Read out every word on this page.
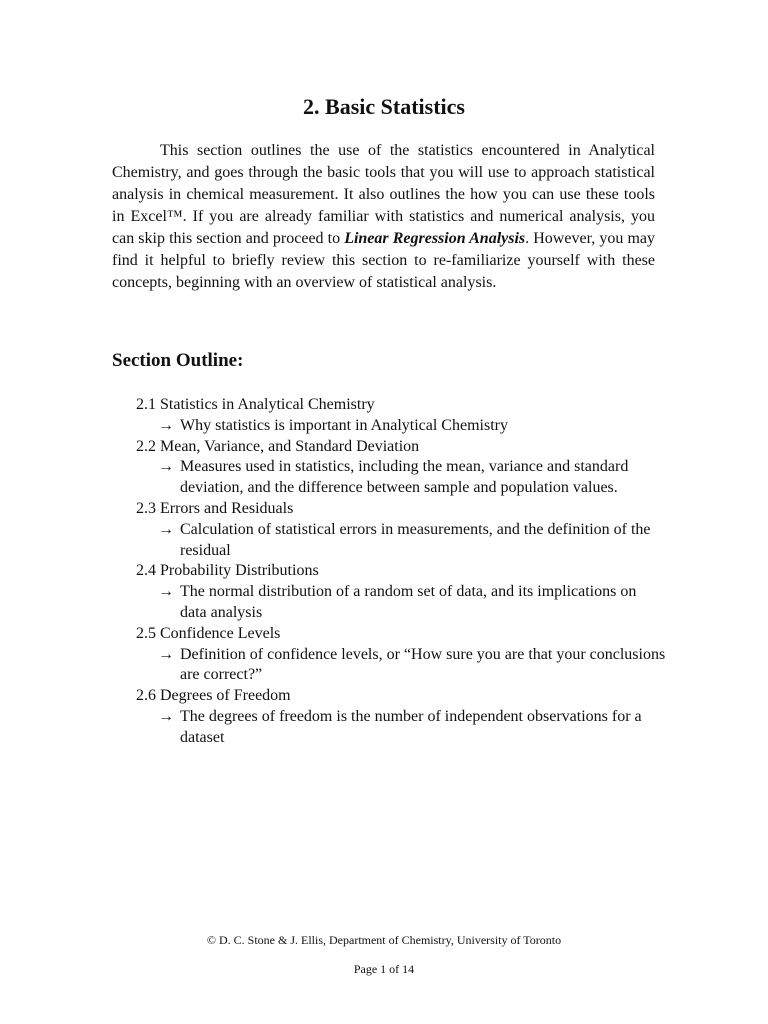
2. Basic Statistics

This section outlines the use of the statistics encountered in Analytical Chemistry, and goes through the basic tools that you will use to approach statistical analysis in chemical measurement. It also outlines the how you can use these tools in Excel™. If you are already familiar with statistics and numerical analysis, you can skip this section and proceed to Linear Regression Analysis. However, you may find it helpful to briefly review this section to re-familiarize yourself with these concepts, beginning with an overview of statistical analysis.

Section Outline:
2.1 Statistics in Analytical Chemistry
→ Why statistics is important in Analytical Chemistry
2.2 Mean, Variance, and Standard Deviation
→ Measures used in statistics, including the mean, variance and standard deviation, and the difference between sample and population values.
2.3 Errors and Residuals
→ Calculation of statistical errors in measurements, and the definition of the residual
2.4 Probability Distributions
→ The normal distribution of a random set of data, and its implications on data analysis
2.5 Confidence Levels
→ Definition of confidence levels, or “How sure you are that your conclusions are correct?”
2.6 Degrees of Freedom
→ The degrees of freedom is the number of independent observations for a dataset
© D. C. Stone & J. Ellis, Department of Chemistry, University of Toronto
Page 1 of 14
